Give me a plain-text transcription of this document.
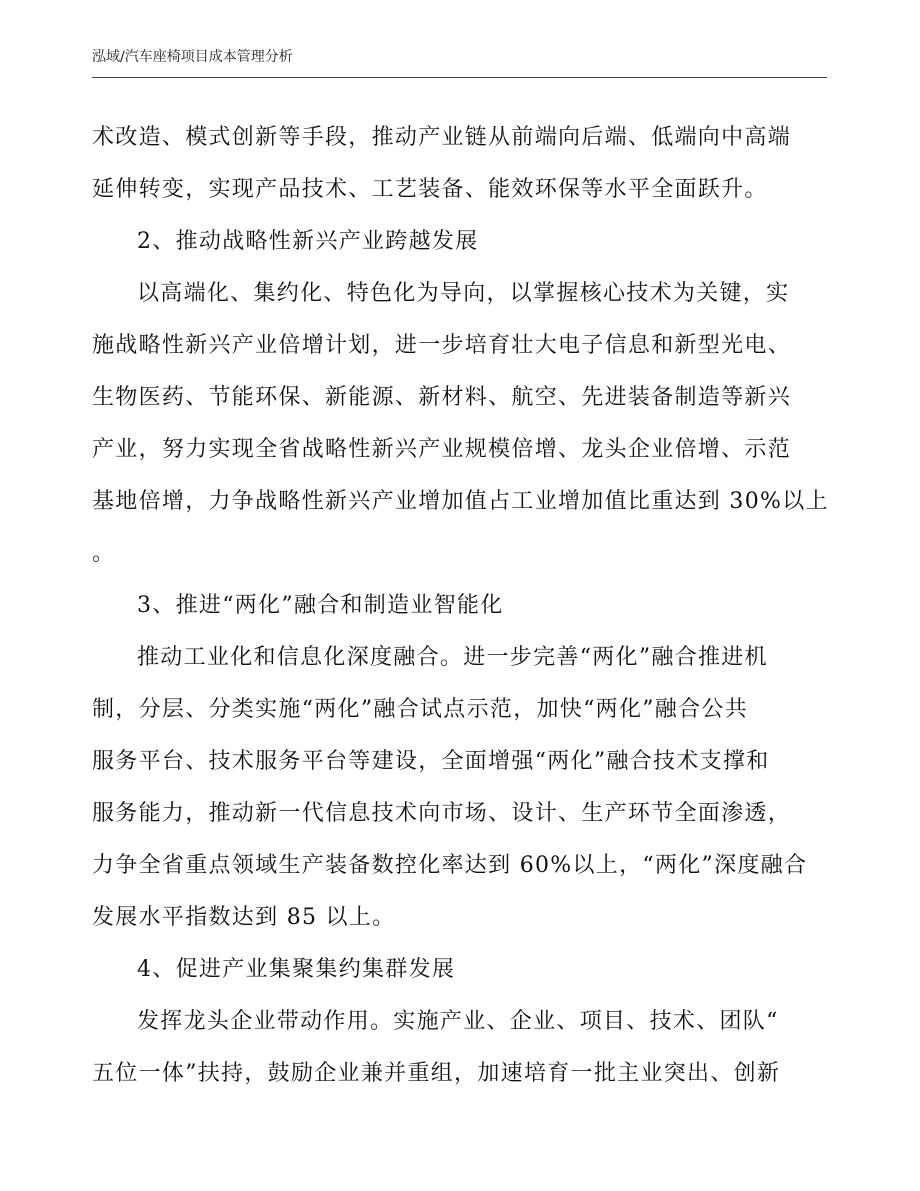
泓域/汽车座椅项目成本管理分析
术改造、模式创新等手段，推动产业链从前端向后端、低端向中高端
延伸转变，实现产品技术、工艺装备、能效环保等水平全面跃升。
2、推动战略性新兴产业跨越发展
以高端化、集约化、特色化为导向，以掌握核心技术为关键，实
施战略性新兴产业倍增计划，进一步培育壮大电子信息和新型光电、
生物医药、节能环保、新能源、新材料、航空、先进装备制造等新兴
产业，努力实现全省战略性新兴产业规模倍增、龙头企业倍增、示范
基地倍增，力争战略性新兴产业增加值占工业增加值比重达到 30%以上
。
3、推进“两化”融合和制造业智能化
推动工业化和信息化深度融合。进一步完善“两化”融合推进机
制，分层、分类实施“两化”融合试点示范，加快“两化”融合公共
服务平台、技术服务平台等建设，全面增强“两化”融合技术支撑和
服务能力，推动新一代信息技术向市场、设计、生产环节全面渗透，
力争全省重点领域生产装备数控化率达到 60%以上，“两化”深度融合
发展水平指数达到 85 以上。
4、促进产业集聚集约集群发展
发挥龙头企业带动作用。实施产业、企业、项目、技术、团队“
五位一体”扶持，鼓励企业兼并重组，加速培育一批主业突出、创新
